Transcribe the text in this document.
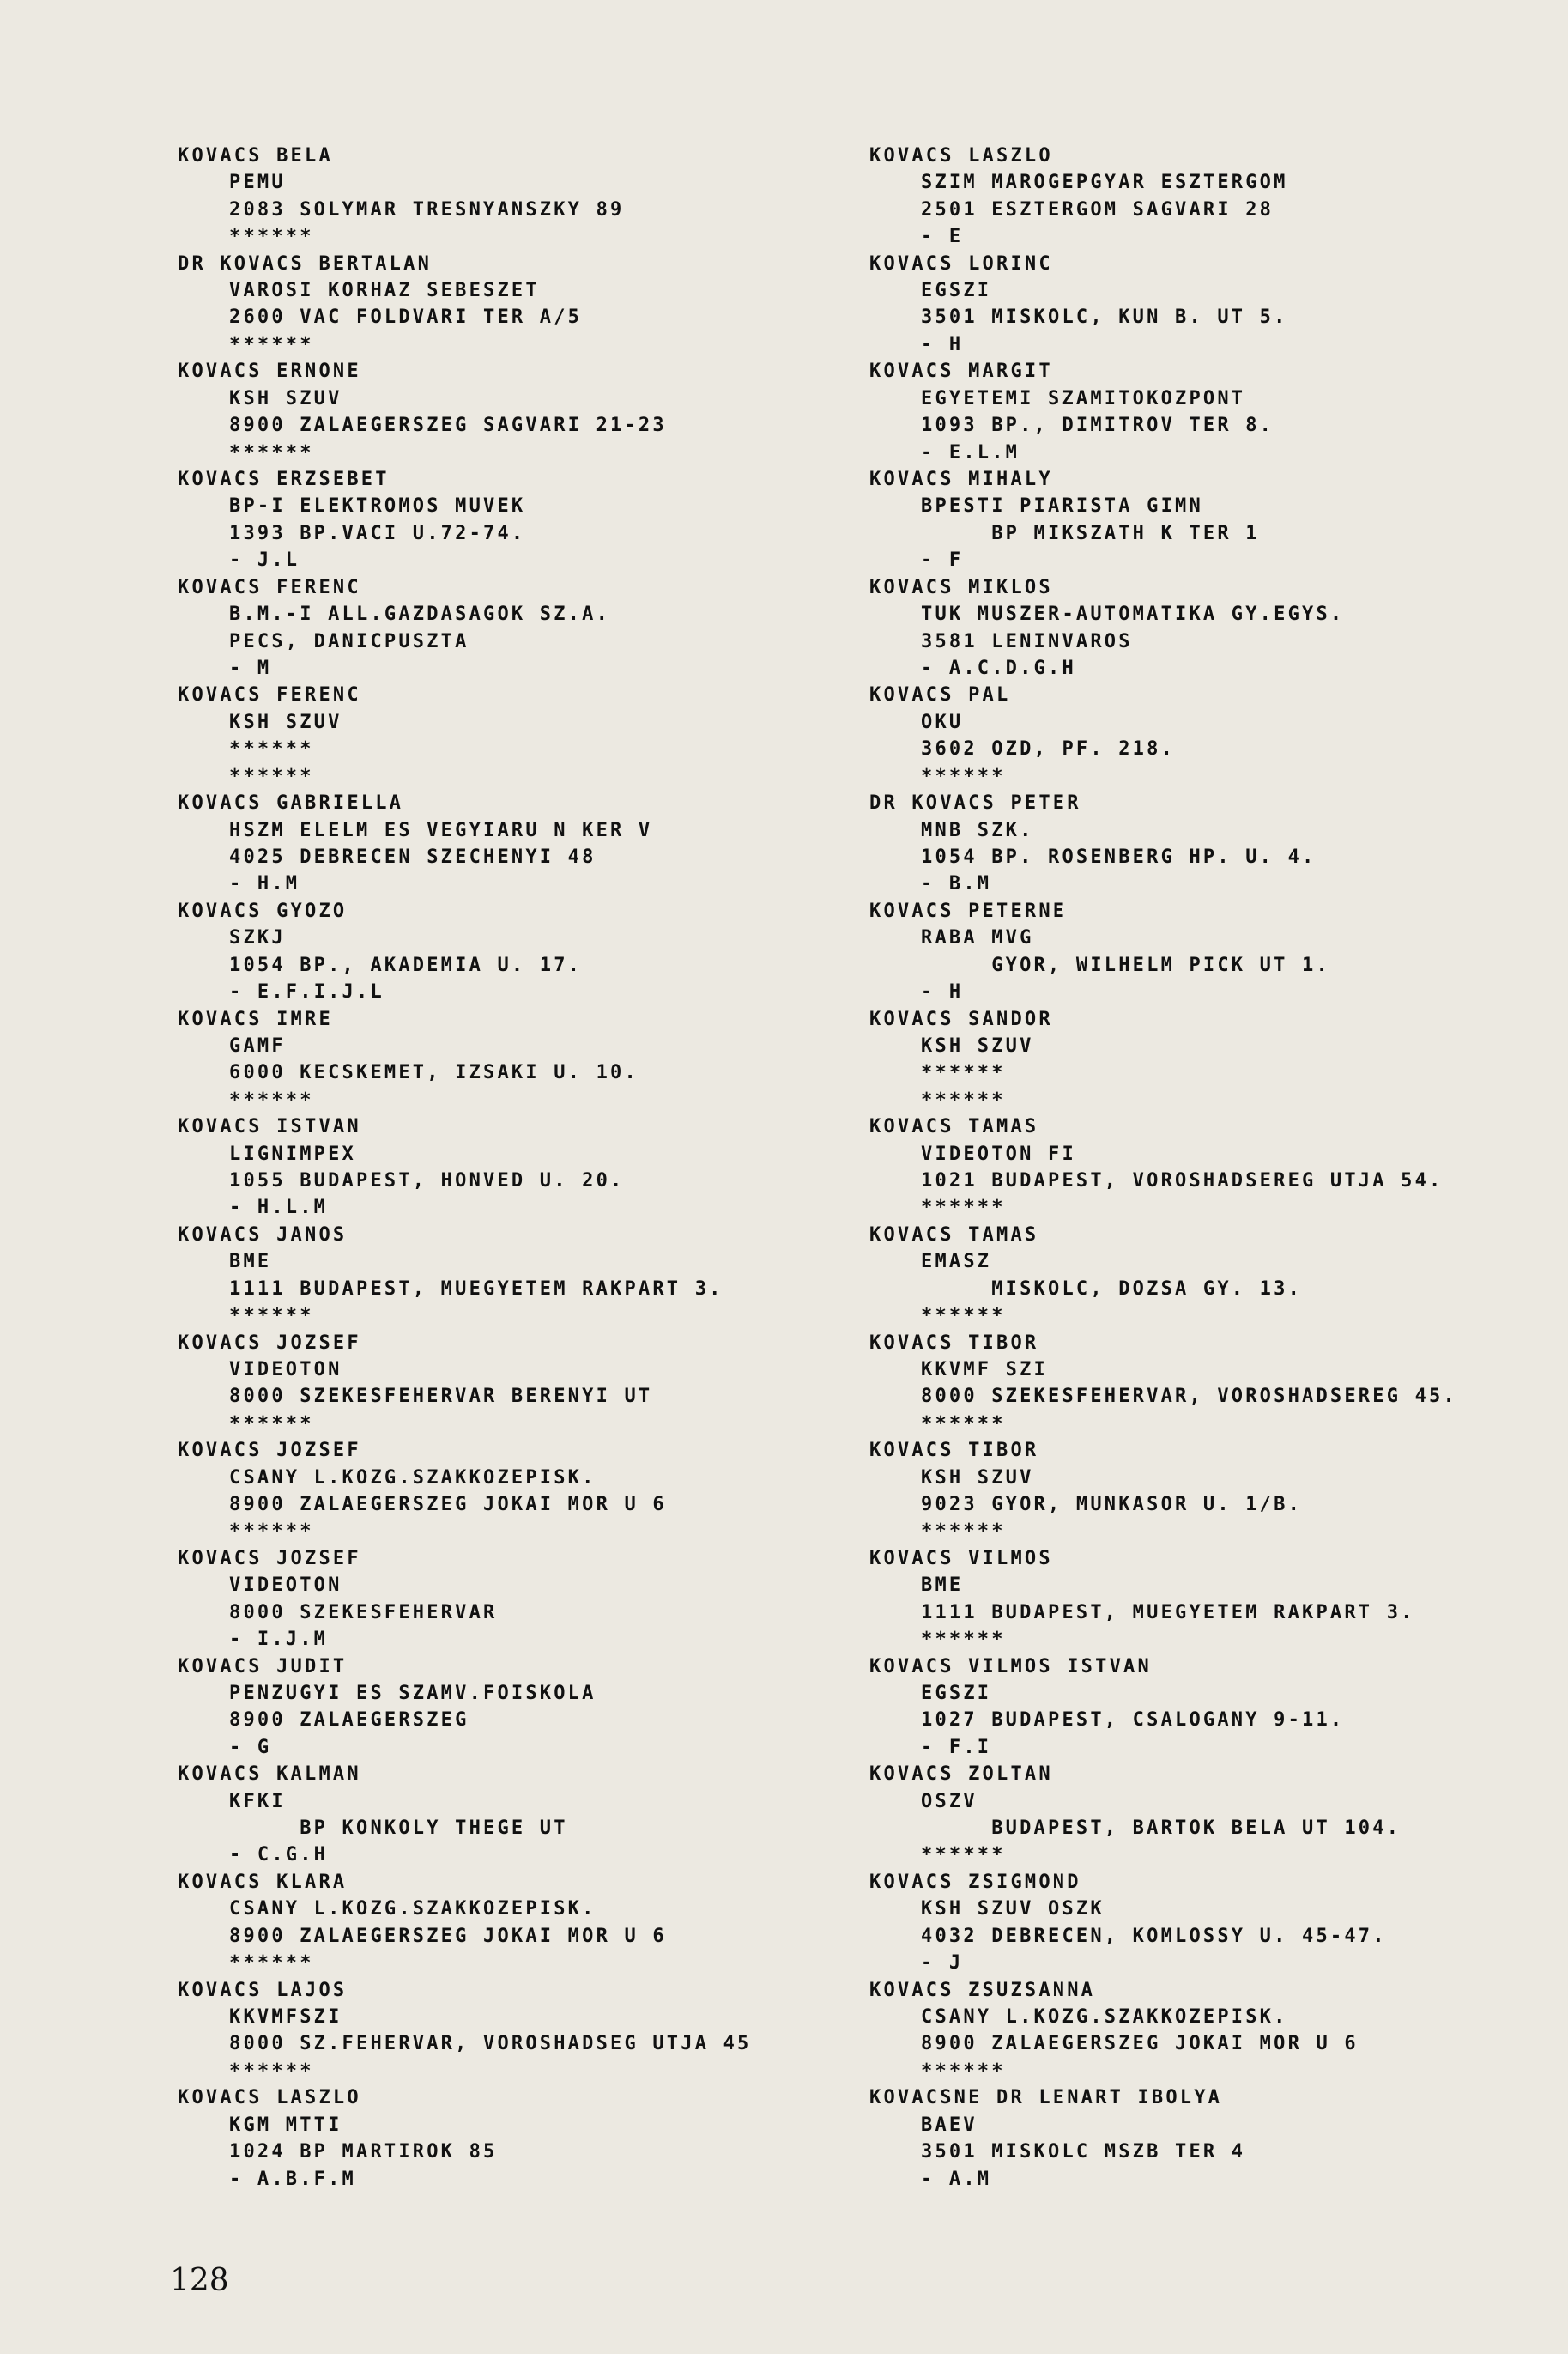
KOVACS BELA
PEMU
2083 SOLYMAR TRESNYANSZKY 89
******
DR KOVACS BERTALAN
VAROSI KORHAZ SEBESZET
2600 VAC FOLDVARI TER A/5
******
KOVACS ERNONE
KSH SZUV
8900 ZALAEGERSZEG SAGVARI 21-23
******
KOVACS ERZSEBET
BP-I ELEKTROMOS MUVEK
1393 BP.VACI U.72-74.
- J.L
KOVACS FERENC
B.M.-I ALL.GAZDASAGOK SZ.A.
PECS, DANICPUSZTA
- M
KOVACS FERENC
KSH SZUV
******
******
KOVACS GABRIELLA
HSZM ELELM ES VEGYIARU N KER V
4025 DEBRECEN SZECHENYI 48
- H.M
KOVACS GYOZO
SZKJ
1054 BP., AKADEMIA U. 17.
- E.F.I.J.L
KOVACS IMRE
GAMF
6000 KECSKEMET, IZSAKI U. 10.
******
KOVACS ISTVAN
LIGNIMPEX
1055 BUDAPEST, HONVED U. 20.
- H.L.M
KOVACS JANOS
BME
1111 BUDAPEST, MUEGYETEM RAKPART 3.
******
KOVACS JOZSEF
VIDEOTON
8000 SZEKESFEHERVAR BERENYI UT
******
KOVACS JOZSEF
CSANY L.KOZG.SZAKKOZEPISK.
8900 ZALAEGERSZEG JOKAI MOR U 6
******
KOVACS JOZSEF
VIDEOTON
8000 SZEKESFEHERVAR
- I.J.M
KOVACS JUDIT
PENZUGYI ES SZAMV.FOISKOLA
8900 ZALAEGERSZEG
- G
KOVACS KALMAN
KFKI
BP KONKOLY THEGE UT
- C.G.H
KOVACS KLARA
CSANY L.KOZG.SZAKKOZEPISK.
8900 ZALAEGERSZEG JOKAI MOR U 6
******
KOVACS LAJOS
KKVMFSZI
8000 SZ.FEHERVAR, VOROSHADSEG UTJA 45
******
KOVACS LASZLO
KGM MTTI
1024 BP MARTIROK 85
- A.B.F.M
KOVACS LASZLO
SZIM MAROGEPGYAR ESZTERGOM
2501 ESZTERGOM SAGVARI 28
- E
KOVACS LORINC
EGSZI
3501 MISKOLC, KUN B. UT 5.
- H
KOVACS MARGIT
EGYETEMI SZAMITOKOZPONT
1093 BP., DIMITROV TER 8.
- E.L.M
KOVACS MIHALY
BPESTI PIARISTA GIMN
BP MIKSZATH K TER 1
- F
KOVACS MIKLOS
TUK MUSZER-AUTOMATIKA GY.EGYS.
3581 LENINVAROS
- A.C.D.G.H
KOVACS PAL
OKU
3602 OZD, PF. 218.
******
DR KOVACS PETER
MNB SZK.
1054 BP. ROSENBERG HP. U. 4.
- B.M
KOVACS PETERNE
RABA MVG
GYOR, WILHELM PICK UT 1.
- H
KOVACS SANDOR
KSH SZUV
******
******
KOVACS TAMAS
VIDEOTON FI
1021 BUDAPEST, VOROSHADSEREG UTJA 54.
******
KOVACS TAMAS
EMASZ
MISKOLC, DOZSA GY. 13.
******
KOVACS TIBOR
KKVMF SZI
8000 SZEKESFEHERVAR, VOROSHADSEREG 45.
******
KOVACS TIBOR
KSH SZUV
9023 GYOR, MUNKASOR U. 1/B.
******
KOVACS VILMOS
BME
1111 BUDAPEST, MUEGYETEM RAKPART 3.
******
KOVACS VILMOS ISTVAN
EGSZI
1027 BUDAPEST, CSALOGANY 9-11.
- F.I
KOVACS ZOLTAN
OSZV
BUDAPEST, BARTOK BELA UT 104.
******
KOVACS ZSIGMOND
KSH SZUV OSZK
4032 DEBRECEN, KOMLOSSY U. 45-47.
- J
KOVACS ZSUZSANNA
CSANY L.KOZG.SZAKKOZEPISK.
8900 ZALAEGERSZEG JOKAI MOR U 6
******
KOVACSNE DR LENART IBOLYA
BAEV
3501 MISKOLC MSZB TER 4
- A.M
128
